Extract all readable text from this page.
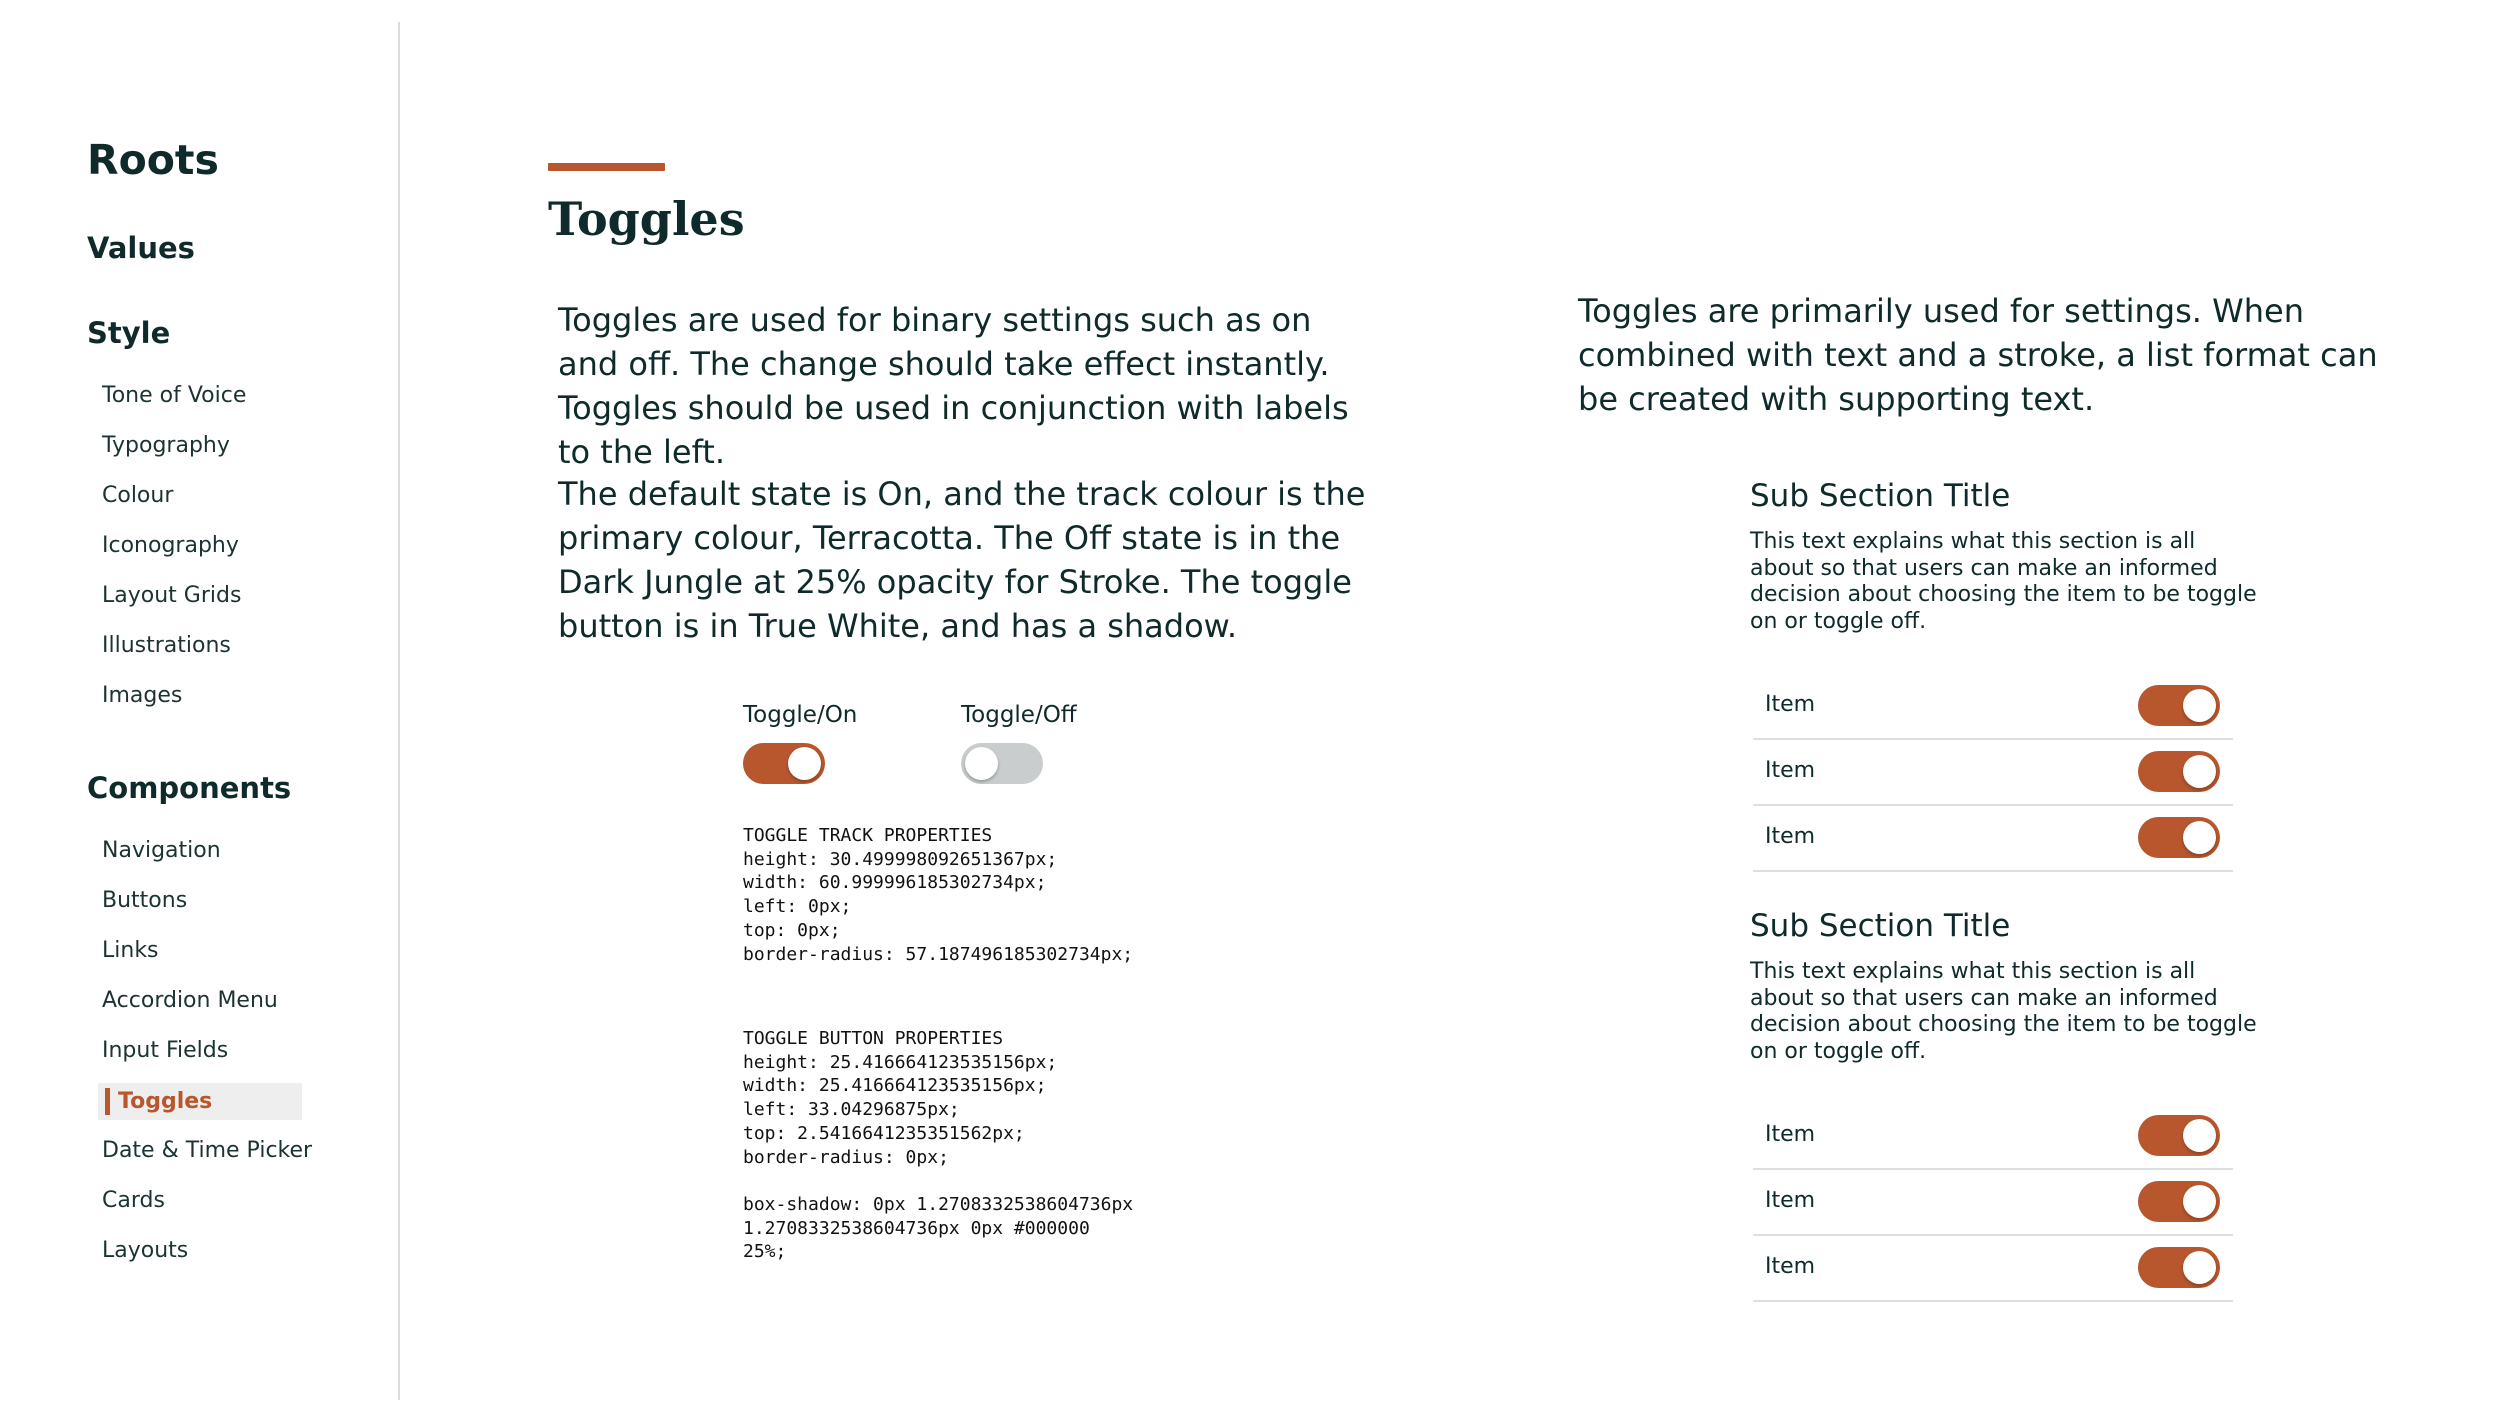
Roots
Values
Style
Tone of Voice
Typography
Colour
Iconography
Layout Grids
Illustrations
Images
Components
Navigation
Buttons
Links
Accordion Menu
Input Fields
Toggles
Date & Time Picker
Cards
Layouts
Toggles

Toggles are used for binary settings such as on and off. The change should take effect instantly. Toggles should be used in conjunction with labels to the left.

The default state is On, and the track colour is the primary colour, Terracotta. The Off state is in the Dark Jungle at 25% opacity for Stroke. The toggle button is in True White, and has a shadow.

Toggles are primarily used for settings. When combined with text and a stroke, a list format can be created with supporting text.

Toggle/On	Toggle/Off
TOGGLE TRACK PROPERTIES
height: 30.499998092651367px;
width: 60.999996185302734px;
left: 0px;
top: 0px;
border-radius: 57.187496185302734px;
TOGGLE BUTTON PROPERTIES
height: 25.416664123535156px;
width: 25.416664123535156px;
left: 33.04296875px;
top: 2.5416641235351562px;
border-radius: 0px;

box-shadow: 0px 1.2708332538604736px
1.2708332538604736px 0px #000000
25%;
Sub Section Title

This text explains what this section is all about so that users can make an informed decision about choosing the item to be toggle on or toggle off.

Item
Item
Item
Sub Section Title

This text explains what this section is all about so that users can make an informed decision about choosing the item to be toggle on or toggle off.

Item
Item
Item
